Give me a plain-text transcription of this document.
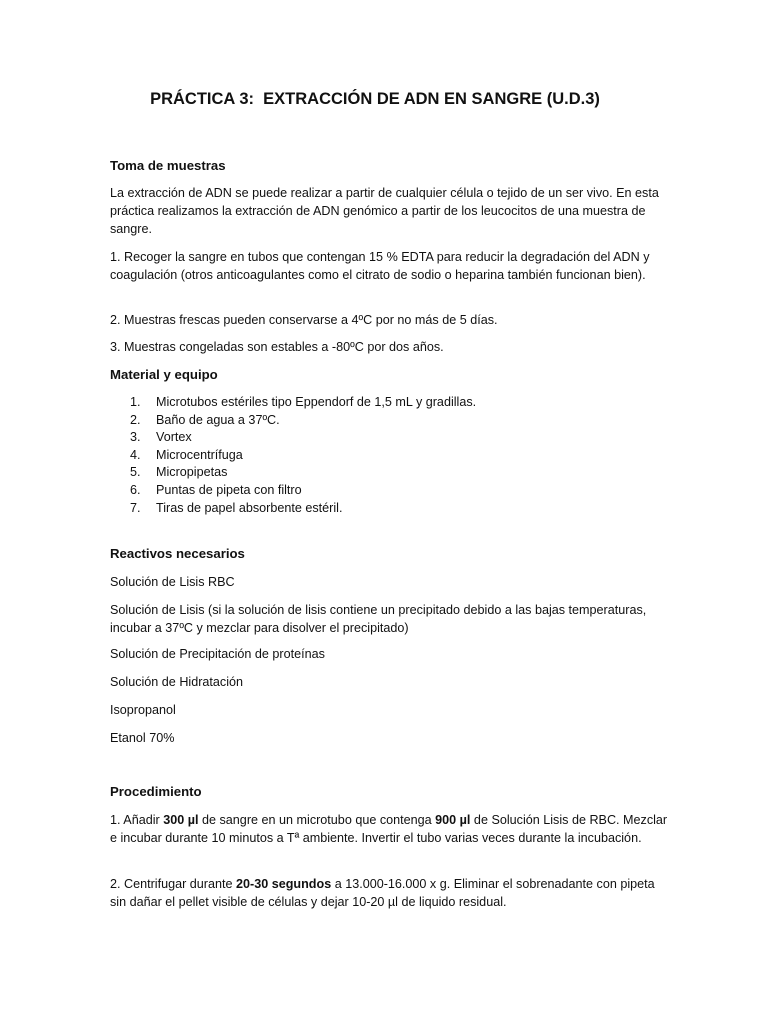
PRÁCTICA 3:  EXTRACCIÓN DE ADN EN SANGRE (U.D.3)
Toma de muestras

La extracción de ADN se puede realizar a partir de cualquier célula o tejido de un ser vivo. En esta práctica realizamos la extracción de ADN genómico a partir de los leucocitos de una muestra de sangre.

1. Recoger la sangre en tubos que contengan 15 % EDTA para reducir la degradación del ADN y coagulación (otros anticoagulantes como el citrato de sodio o heparina también funcionan bien).

2. Muestras frescas pueden conservarse a 4ºC por no más de 5 días.

3. Muestras congeladas son estables a -80ºC por dos años.

Material y equipo
1. Microtubos estériles tipo Eppendorf de 1,5 mL y gradillas.
2. Baño de agua a 37ºC.
3. Vortex
4. Microcentrífuga
5. Micropipetas
6. Puntas de pipeta con filtro
7. Tiras de papel absorbente estéril.
Reactivos necesarios

Solución de Lisis RBC

Solución de Lisis (si la solución de lisis contiene un precipitado debido a las bajas temperaturas, incubar a 37ºC y mezclar para disolver el precipitado)

Solución de Precipitación de proteínas

Solución de Hidratación

Isopropanol

Etanol 70%

Procedimiento

1. Añadir 300 µl de sangre en un microtubo que contenga 900 µl de Solución Lisis de RBC. Mezclar e incubar durante 10 minutos a Tª ambiente. Invertir el tubo varias veces durante la incubación.

2. Centrifugar durante 20-30 segundos a 13.000-16.000 x g. Eliminar el sobrenadante con pipeta sin dañar el pellet visible de células y dejar 10-20 µl de liquido residual.
